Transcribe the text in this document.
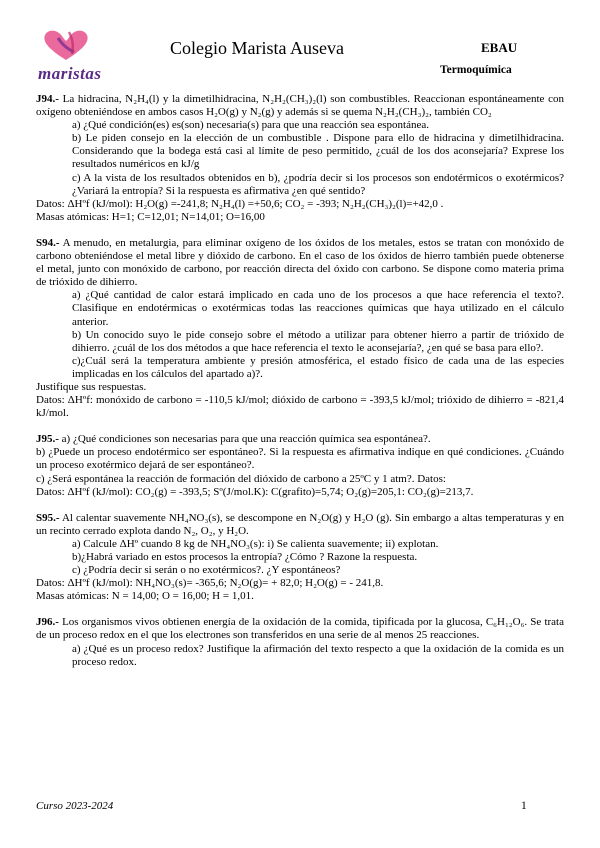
maristas
Colegio Marista Auseva	EBAU
Termoquímica

J94.- La hidracina, N₂H₄(l) y la dimetilhidracina, N₂H₂(CH₃)₂(l) son combustibles. Reaccionan espontáneamente con oxígeno obteniéndose en ambos casos H₂O(g) y N₂(g) y además si se quema N₂H₂(CH₃)₂, también CO₂

a) ¿Qué condición(es) es(son) necesaria(s) para que una reacción sea espontánea.

b) Le piden consejo en la elección de un combustible . Dispone para ello de hidracina y dimetilhidracina. Considerando que la bodega está casi al límite de peso permitido, ¿cuál de los dos aconsejaría? Exprese los resultados numéricos en kJ/g

c) A la vista de los resultados obtenidos en b), ¿podría decir si los procesos son endotérmicos o exotérmicos? ¿Variará la entropía? Si la respuesta es afirmativa ¿en qué sentido?

Datos: ΔHºf (kJ/mol): H₂O(g) =-241,8; N₂H₄(l) =+50,6; CO₂ = -393; N₂H₂(CH₃)₂(l)=+42,0 .

Masas atómicas: H=1; C=12,01; N=14,01; O=16,00

S94.- A menudo, en metalurgia, para eliminar oxígeno de los óxidos de los metales, estos se tratan con monóxido de carbono obteniéndose el metal libre y dióxido de carbono. En el caso de los óxidos de hierro también puede obtenerse el metal, junto con monóxido de carbono, por reacción directa del óxido con carbono. Se dispone como materia prima de trióxido de dihierro.

a) ¿Qué cantidad de calor estará implicado en cada uno de los procesos a que hace referencia el texto?. Clasifique en endotérmicas o exotérmicas todas las reacciones químicas que haya utilizado en el cálculo anterior.

b) Un conocido suyo le pide consejo sobre el método a utilizar para obtener hierro a partir de trióxido de dihierro. ¿cuál de los dos métodos a que hace referencia el texto le aconsejaría?, ¿en qué se basa para ello?.

c)¿Cuál será la temperatura ambiente y presión atmosférica, el estado físico de cada una de las especies implicadas en los cálculos del apartado a)?.

Justifique sus respuestas.

Datos: ΔHºf: monóxido de carbono = -110,5 kJ/mol; dióxido de carbono = -393,5 kJ/mol; trióxido de dihierro = -821,4 kJ/mol.

J95.- a) ¿Qué condiciones son necesarias para que una reacción química sea espontánea?.

b) ¿Puede un proceso endotérmico ser espontáneo?. Si la respuesta es afirmativa indique en qué condiciones. ¿Cuándo un proceso exotérmico dejará de ser espontáneo?.

c) ¿Será espontánea la reacción de formación del dióxido de carbono a 25ºC y 1 atm?. Datos:

Datos: ΔHºf (kJ/mol): CO₂(g) = -393,5; Sº(J/mol.K): C(grafito)=5,74; O₂(g)=205,1: CO₂(g)=213,7.

S95.- Al calentar suavemente NH₄NO₃(s), se descompone en N₂O(g) y H₂O (g). Sin embargo a altas temperaturas y en un recinto cerrado explota dando N₂, O₂, y H₂O.

a) Calcule ΔHº cuando 8 kg de NH₄NO₃(s): i) Se calienta suavemente; ii) explotan.

b)¿Habrá variado en estos procesos la entropía? ¿Cómo ? Razone la respuesta.

c) ¿Podría decir si serán o no exotérmicos?. ¿Y espontáneos?

Datos: ΔHºf (kJ/mol): NH₄NO₃(s)= -365,6; N₂O(g)= + 82,0; H₂O(g) = - 241,8.

Masas atómicas: N = 14,00; O = 16,00; H = 1,01.

J96.- Los organismos vivos obtienen energía de la oxidación de la comida, tipificada por la glucosa, C₆H₁₂O₆. Se trata de un proceso redox en el que los electrones son transferidos en una serie de al menos 25 reacciones.

a) ¿Qué es un proceso redox? Justifique la afirmación del texto respecto a que la oxidación de la comida es un proceso redox.

Curso 2023-2024	1
